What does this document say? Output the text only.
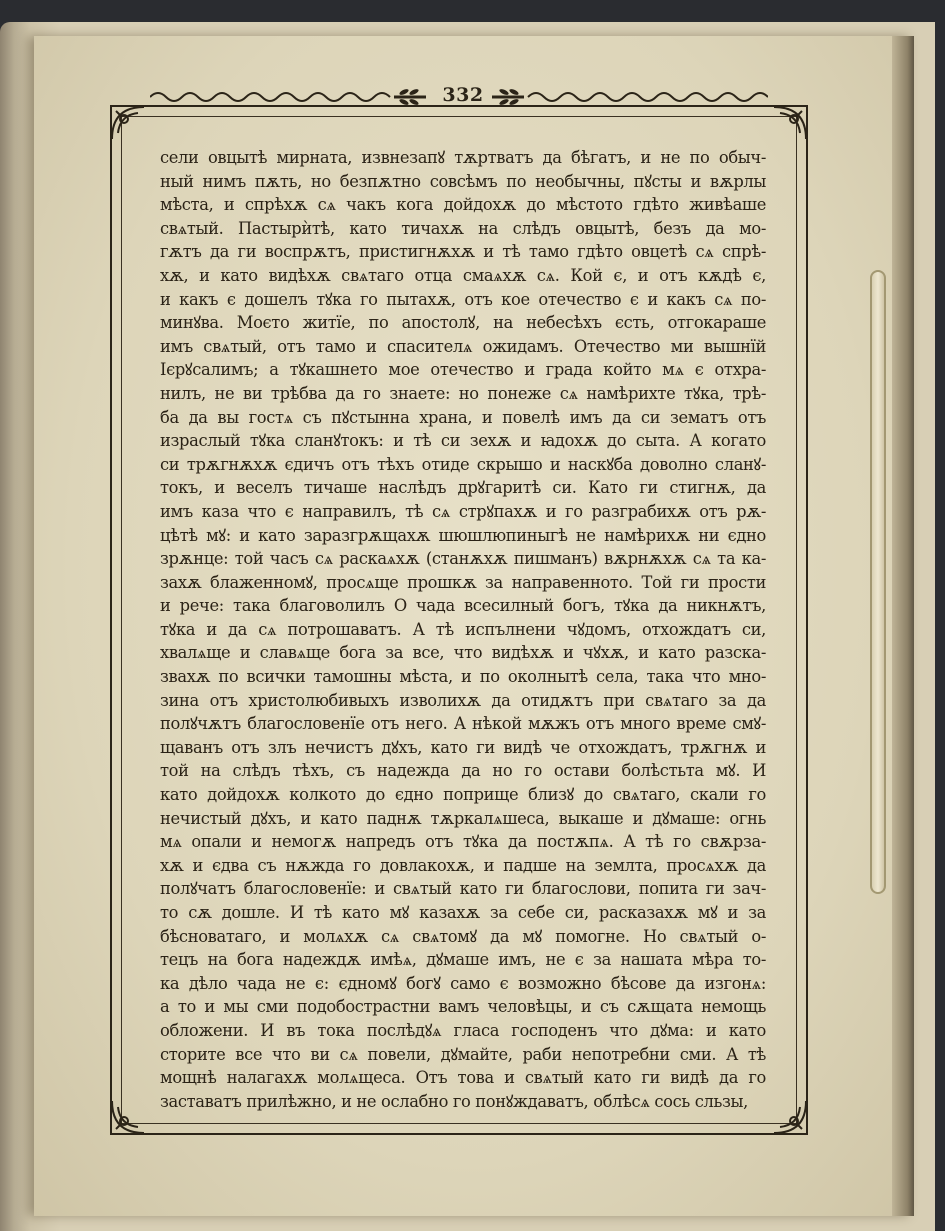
332
сели овцытѣ мирната, извнезапꙋ тѫртватъ да бѣгатъ, и не по обыч-
ный нимъ пѫть, но безпѫтно совсѣмъ по необычны, пꙋсты и вѫрлы
мѣста, и спрѣхѫ сѧ чакъ кога дойдохѫ до мѣстото гдѣто живѣаше
свѧтый. Пастырѝтѣ, като тичахѫ на слѣдъ овцытѣ, безъ да мо-
гѫтъ да ги воспрѫтъ, пристигнѫхѫ и тѣ тамо гдѣто овцетѣ сѧ спрѣ-
хѫ, и като видѣхѫ свѧтаго отца смаѧхѫ сѧ. Кой є, и отъ кѫдѣ є,
и какъ є дошелъ тꙋка го пытахѫ, отъ кое отечество є и какъ сѧ по-
минꙋва. Моєто житїе, по апостолꙋ, на небесѣхъ єсть, отгокараше
имъ свѧтый, отъ тамо и спасителѧ ожидамъ. Отечество ми вышнїй
Ієрꙋсалимъ; а тꙋкашнето мое отечество и града който мѧ є отхра-
нилъ, не ви трѣбва да го знаете: но понеже сѧ намѣрихте тꙋка, трѣ-
ба да вы гостѧ съ пꙋстынна храна, и повелѣ имъ да си зематъ отъ
израслый тꙋка сланꙋтокъ: и тѣ си зехѫ и ꙗдохѫ до сыта. А когато
си трѫгнѫхѫ єдичъ отъ тѣхъ отиде скрышо и наскꙋба доволно сланꙋ-
токъ, и веселъ тичаше наслѣдъ дрꙋгаритѣ си. Като ги стигнѫ, да
имъ каза что є направилъ, тѣ сѧ стрꙋпахѫ и го разграбихѫ отъ рѫ-
цѣтѣ мꙋ: и като заразгрѫщахѫ шюшлюпиныгѣ не намѣрихѫ ни єдно
зрѫнце: той часъ сѧ раскаѧхѫ (станѫхѫ пишманъ) вѫрнѫхѫ сѧ та ка-
захѫ блаженномꙋ, просѧще прошкѫ за направенното. Той ги прости
и рече: така благоволилъ О чада всесилный богъ, тꙋка да никнѫтъ,
тꙋка и да сѧ потрошаватъ. А тѣ испълнени чꙋдомъ, отхождатъ си,
хвалѧще и славѧще бога за все, что видѣхѫ и чꙋхѫ, и като разска-
звахѫ по всички тамошны мѣста, и по околнытѣ села, така что мно-
зина отъ христолюбивыхъ изволихѫ да отидѫтъ при свѧтаго за да
полꙋчѫтъ благословенїе отъ него. А нѣкой мѫжъ отъ много време смꙋ-
щаванъ отъ злъ нечистъ дꙋхъ, като ги видѣ че отхождатъ, трѫгнѫ и
той на слѣдъ тѣхъ, съ надежда да но го остави болѣстьта мꙋ. И
като дойдохѫ колкото до єдно поприще близꙋ до свѧтаго, скали го
нечистый дꙋхъ, и като паднѫ тѫркалѧшеса, выкаше и дꙋмаше: огнь
мѧ опали и немогѫ напредъ отъ тꙋка да постѫпѧ. А тѣ го свѫрза-
хѫ и єдва съ нѫжда го довлакохѫ, и падше на землта, просѧхѫ да
полꙋчатъ благословенїе: и свѧтый като ги благослови, попита ги зач-
то сѫ дошле. И тѣ като мꙋ казахѫ за себе си, расказахѫ мꙋ и за
бѣсноватаго, и молѧхѫ сѧ свѧтомꙋ да мꙋ помогне. Но свѧтый о-
тецъ на бога надеждѫ имѣѧ, дꙋмаше имъ, не є за нашата мѣра то-
ка дѣло чада не є: єдномꙋ богꙋ само є возможно бѣсове да изгонѧ:
а то и мы сми подобострастни вамъ человѣцы, и съ сѫщата немощь
обложени. И въ тока послѣдꙋѧ гласа господенъ что дꙋма: и като
сторите все что ви сѧ повели, дꙋмайте, раби непотребни сми. А тѣ
мощнѣ налагахѫ молѧщеса. Отъ това и свѧтый като ги видѣ да го
заставатъ прилѣжно, и не ослабно го понꙋждаватъ, облѣсѧ сось сльзы,
